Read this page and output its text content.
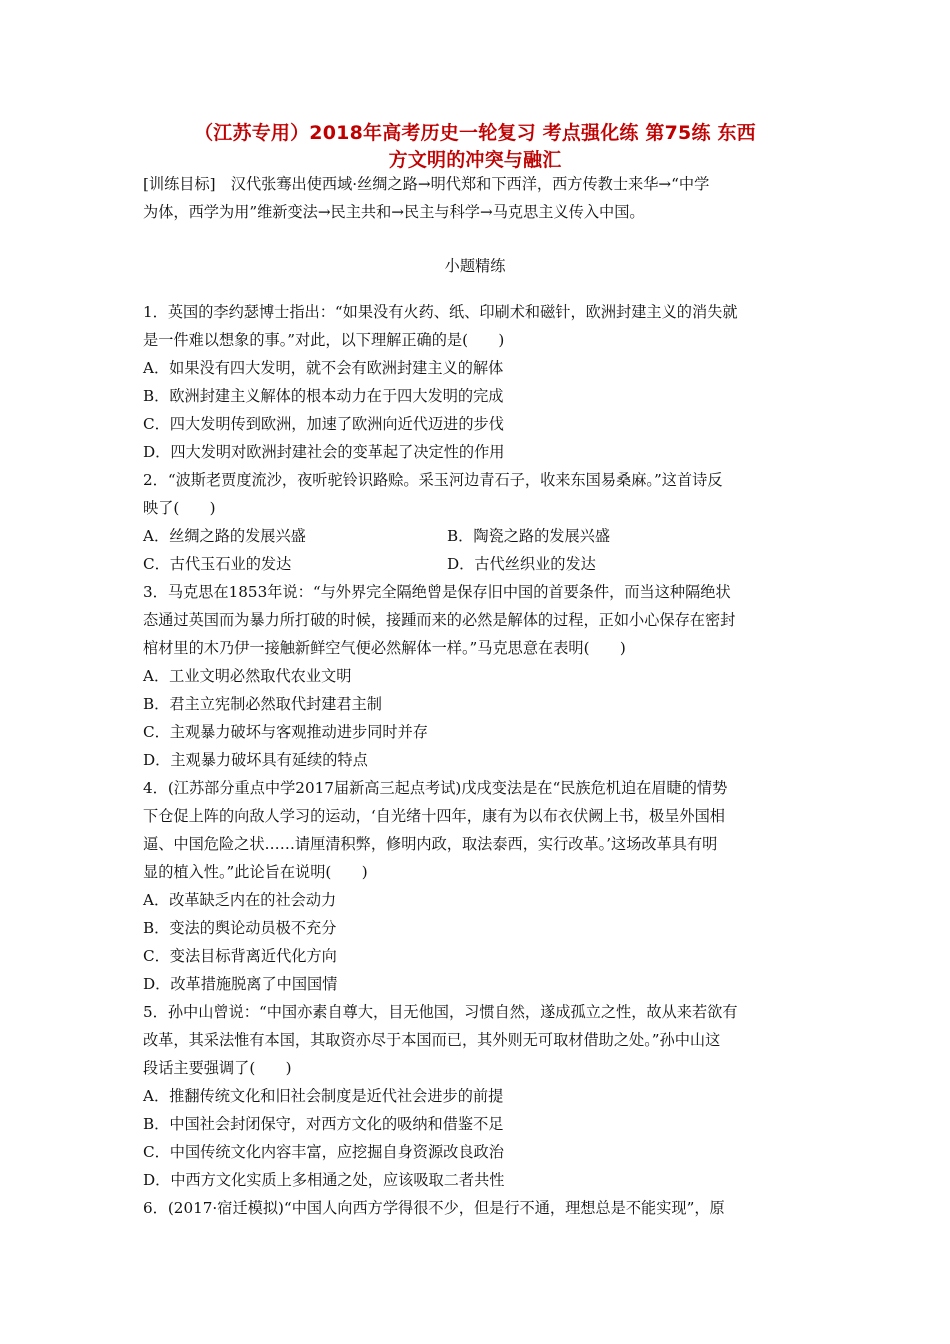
（江苏专用）2018年高考历史一轮复习 考点强化练 第75练 东西
方文明的冲突与融汇
[训练目标]　汉代张骞出使西域·丝绸之路→明代郑和下西洋，西方传教士来华→“中学
为体，西学为用”维新变法→民主共和→民主与科学→马克思主义传入中国。
小题精练
1．英国的李约瑟博士指出：“如果没有火药、纸、印刷术和磁针，欧洲封建主义的消失就
是一件难以想象的事。”对此，以下理解正确的是(　　)
A．如果没有四大发明，就不会有欧洲封建主义的解体
B．欧洲封建主义解体的根本动力在于四大发明的完成
C．四大发明传到欧洲，加速了欧洲向近代迈进的步伐
D．四大发明对欧洲封建社会的变革起了决定性的作用
2．“波斯老贾度流沙，夜听驼铃识路赊。采玉河边青石子，收来东国易桑麻。”这首诗反
映了(　　)
A．丝绸之路的发展兴盛	B．陶瓷之路的发展兴盛
C．古代玉石业的发达	D．古代丝织业的发达
3．马克思在1853年说：“与外界完全隔绝曾是保存旧中国的首要条件，而当这种隔绝状
态通过英国而为暴力所打破的时候，接踵而来的必然是解体的过程，正如小心保存在密封
棺材里的木乃伊一接触新鲜空气便必然解体一样。”马克思意在表明(　　)
A．工业文明必然取代农业文明
B．君主立宪制必然取代封建君主制
C．主观暴力破坏与客观推动进步同时并存
D．主观暴力破坏具有延续的特点
4．(江苏部分重点中学2017届新高三起点考试)戊戌变法是在“民族危机迫在眉睫的情势
下仓促上阵的向敌人学习的运动，‘自光绪十四年，康有为以布衣伏阙上书，极呈外国相
逼、中国危险之状……请厘清积弊，修明内政，取法泰西，实行改革。’这场改革具有明
显的植入性。”此论旨在说明(　　)
A．改革缺乏内在的社会动力
B．变法的舆论动员极不充分
C．变法目标背离近代化方向
D．改革措施脱离了中国国情
5．孙中山曾说：“中国亦素自尊大，目无他国，习惯自然，遂成孤立之性，故从来若欲有
改革，其采法惟有本国，其取资亦尽于本国而已，其外则无可取材借助之处。”孙中山这
段话主要强调了(　　)
A．推翻传统文化和旧社会制度是近代社会进步的前提
B．中国社会封闭保守，对西方文化的吸纳和借鉴不足
C．中国传统文化内容丰富，应挖掘自身资源改良政治
D．中西方文化实质上多相通之处，应该吸取二者共性
6．(2017·宿迁模拟)“中国人向西方学得很不少，但是行不通，理想总是不能实现”，原
